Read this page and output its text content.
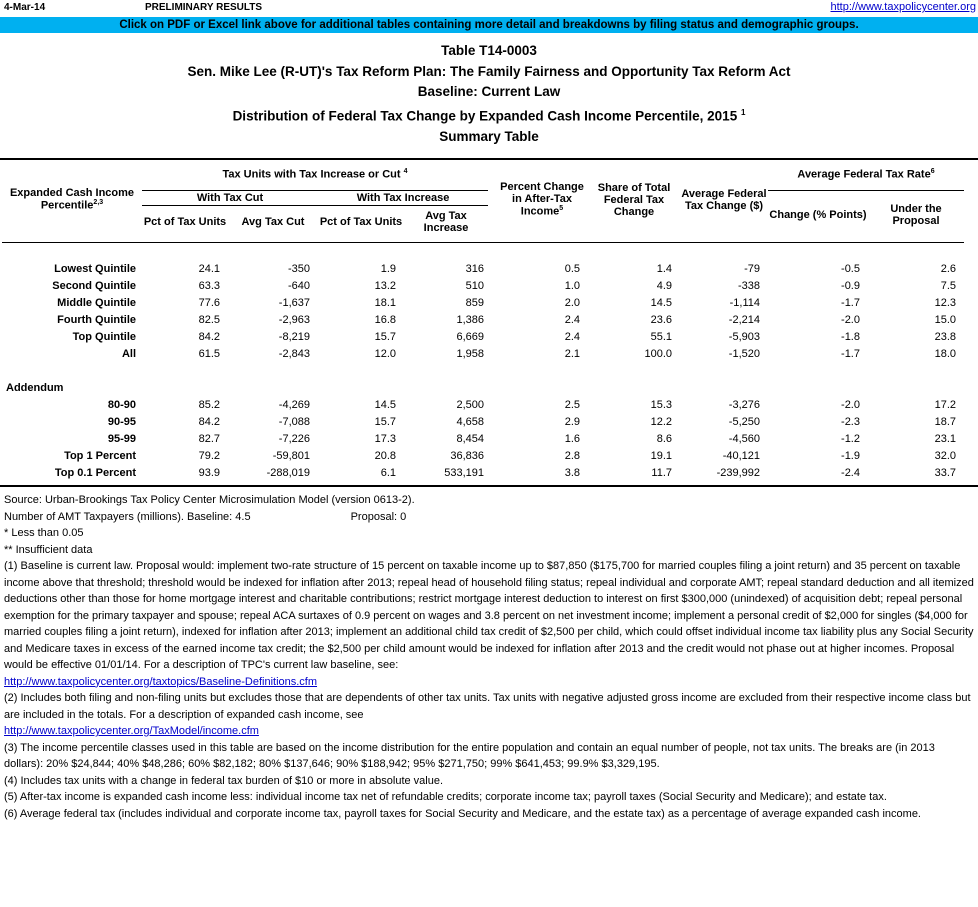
4-Mar-14	PRELIMINARY RESULTS	http://www.taxpolicycenter.org
Click on PDF or Excel link above for additional tables containing more detail and breakdowns by filing status and demographic groups.
Table T14-0003
Sen. Mike Lee (R-UT)'s Tax Reform Plan: The Family Fairness and Opportunity Tax Reform Act
Baseline: Current Law
Distribution of Federal Tax Change by Expanded Cash Income Percentile, 2015 $^1$
Summary Table
Expanded Cash Income Percentile$^{2,3}$	Tax Units with Tax Increase or Cut $^4$				Percent Change in After-Tax Income$^5$	Share of Total Federal Tax Change	Average Federal Tax Change ($)	Average Federal Tax Rate$^6$
	With Tax Cut		With Tax Increase					Change (% Points)	Under the Proposal
	Pct of Tax Units	Avg Tax Cut	Pct of Tax Units	Avg Tax Increase					

Lowest Quintile	24.1	-350	1.9	316	0.5	1.4	-79	-0.5	2.6
Second Quintile	63.3	-640	13.2	510	1.0	4.9	-338	-0.9	7.5
Middle Quintile	77.6	-1,637	18.1	859	2.0	14.5	-1,114	-1.7	12.3
Fourth Quintile	82.5	-2,963	16.8	1,386	2.4	23.6	-2,214	-2.0	15.0
Top Quintile	84.2	-8,219	15.7	6,669	2.4	55.1	-5,903	-1.8	23.8
All	61.5	-2,843	12.0	1,958	2.1	100.0	-1,520	-1.7	18.0

Addendum									
80-90	85.2	-4,269	14.5	2,500	2.5	15.3	-3,276	-2.0	17.2
90-95	84.2	-7,088	15.7	4,658	2.9	12.2	-5,250	-2.3	18.7
95-99	82.7	-7,226	17.3	8,454	1.6	8.6	-4,560	-1.2	23.1
Top 1 Percent	79.2	-59,801	20.8	36,836	2.8	19.1	-40,121	-1.9	32.0
Top 0.1 Percent	93.9	-288,019	6.1	533,191	3.8	11.7	-239,992	-2.4	33.7
Source: Urban-Brookings Tax Policy Center Microsimulation Model (version 0613-2).
Number of AMT Taxpayers (millions). Baseline: 4.5	Proposal: 0
* Less than 0.05
** Insufficient data
(1) Baseline is current law. Proposal would: implement two-rate structure of 15 percent on taxable income up to $87,850 ($175,700 for married couples filing a joint return) and 35 percent on taxable income above that threshold; threshold would be indexed for inflation after 2013; repeal head of household filing status; repeal individual and corporate AMT; repeal standard deduction and all itemized deductions other than those for home mortgage interest and charitable contributions; restrict mortgage interest deduction to interest on first $300,000 (unindexed) of acquisition debt; repeal personal exemption for the primary taxpayer and spouse; repeal ACA surtaxes of 0.9 percent on wages and 3.8 percent on net investment income; implement a personal credit of $2,000 for singles ($4,000 for married couples filing a joint return), indexed for inflation after 2013; implement an additional child tax credit of $2,500 per child, which could offset individual income tax liability plus any Social Security and Medicare taxes in excess of the earned income tax credit; the $2,500 per child amount would be indexed for inflation after 2013 and the credit would not phase out at higher incomes. Proposal would be effective 01/01/14. For a description of TPC's current law baseline, see:
http://www.taxpolicycenter.org/taxtopics/Baseline-Definitions.cfm
(2) Includes both filing and non-filing units but excludes those that are dependents of other tax units. Tax units with negative adjusted gross income are excluded from their respective income class but are included in the totals. For a description of expanded cash income, see
http://www.taxpolicycenter.org/TaxModel/income.cfm
(3) The income percentile classes used in this table are based on the income distribution for the entire population and contain an equal number of people, not tax units. The breaks are (in 2013 dollars): 20% $24,844; 40% $48,286; 60% $82,182; 80% $137,646; 90% $188,942; 95% $271,750; 99% $641,453; 99.9% $3,329,195.
(4) Includes tax units with a change in federal tax burden of $10 or more in absolute value.
(5) After-tax income is expanded cash income less: individual income tax net of refundable credits; corporate income tax; payroll taxes (Social Security and Medicare); and estate tax.
(6) Average federal tax (includes individual and corporate income tax, payroll taxes for Social Security and Medicare, and the estate tax) as a percentage of average expanded cash income.
